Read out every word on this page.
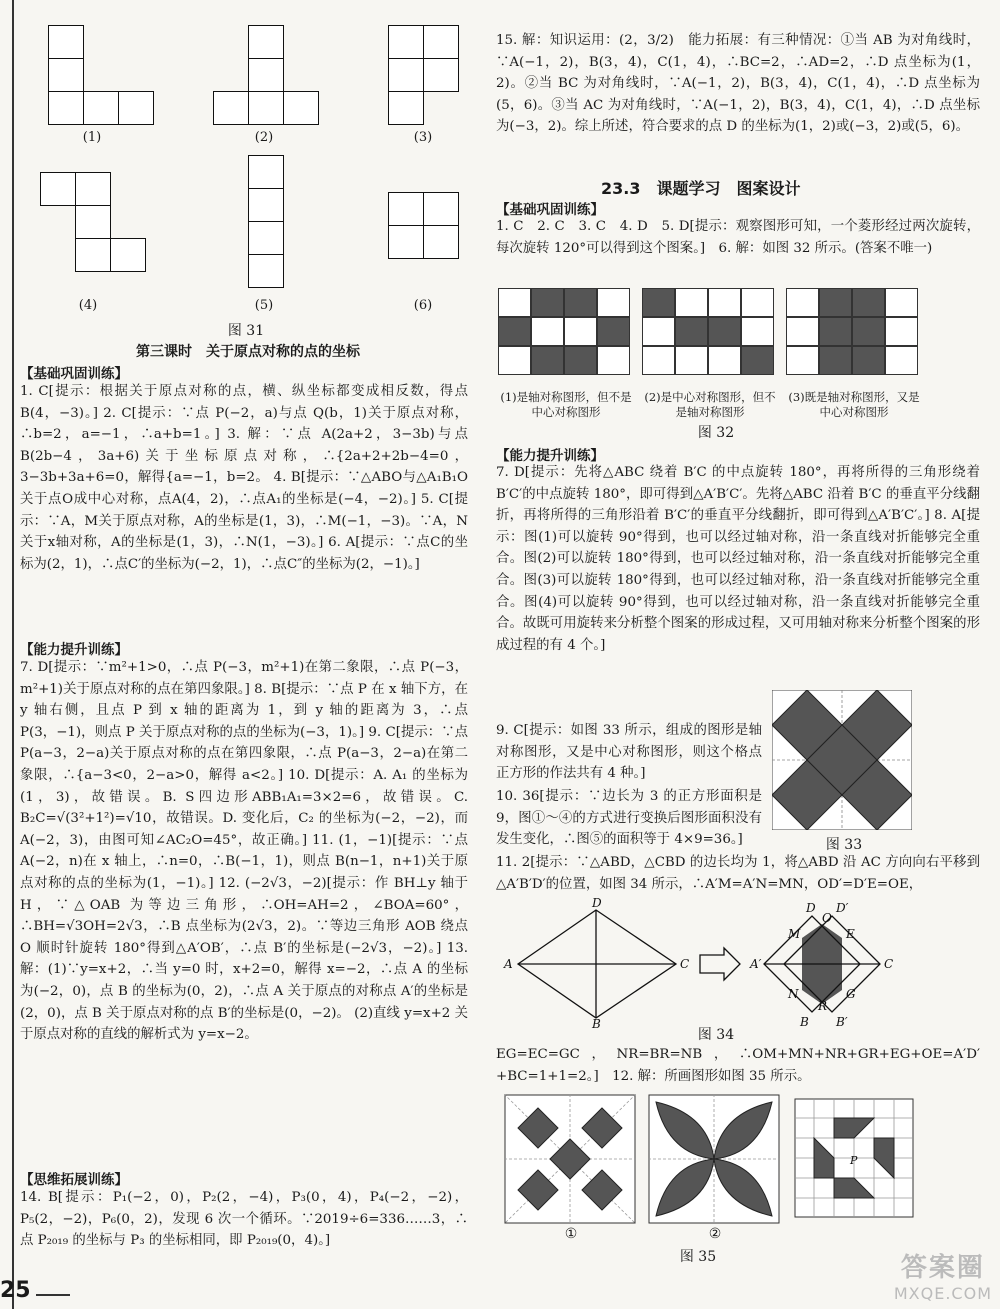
(1)	(2)	(3)
(4)	(5)	(6)
图 31
第三课时　关于原点对称的点的坐标
【基础巩固训练】

1. C[提示：根据关于原点对称的点，横、纵坐标都变成相反数，得点 B(4，−3)。] 2. C[提示：∵点 P(−2，a)与点 Q(b，1)关于原点对称，∴b=2，a=−1，∴a+b=1。] 3. 解：∵点 A(2a+2，3−3b)与点 B(2b−4，3a+6)关于坐标原点对称，∴{2a+2+2b−4=0，3−3b+3a+6=0，解得{a=−1，b=2。 4. B[提示：∵△ABO与△A₁B₁O关于点O成中心对称，点A(4，2)，∴点A₁的坐标是(−4，−2)。] 5. C[提示：∵A，M关于原点对称，A的坐标是(1，3)，∴M(−1，−3)。∵A，N关于x轴对称，A的坐标是(1，3)，∴N(1，−3)。] 6. A[提示：∵点C的坐标为(2，1)，∴点C′的坐标为(−2，1)，∴点C″的坐标为(2，−1)。]

【能力提升训练】

7. D[提示：∵m²+1>0，∴点 P(−3，m²+1)在第二象限，∴点 P(−3，m²+1)关于原点对称的点在第四象限。] 8. B[提示：∵点 P 在 x 轴下方，在 y 轴右侧，且点 P 到 x 轴的距离为 1，到 y 轴的距离为 3，∴点 P(3，−1)，则点 P 关于原点对称的点的坐标为(−3，1)。] 9. C[提示：∵点 P(a−3，2−a)关于原点对称的点在第四象限，∴点 P(a−3，2−a)在第二象限，∴{a−3<0，2−a>0，解得 a<2。] 10. D[提示：A. A₁ 的坐标为(1，3)，故错误。B. S四边形ABB₁A₁=3×2=6，故错误。C. B₂C=√(3²+1²)=√10，故错误。D. 变化后，C₂ 的坐标为(−2，−2)，而 A(−2，3)，由图可知∠AC₂O=45°，故正确。] 11. (1，−1)[提示：∵点 A(−2，n)在 x 轴上，∴n=0，∴B(−1，1)，则点 B(n−1，n+1)关于原点对称的点的坐标为(1，−1)。] 12. (−2√3，−2)[提示：作 BH⊥y 轴于 H，∵△OAB 为等边三角形，∴OH=AH=2，∠BOA=60°，∴BH=√3OH=2√3，∴B 点坐标为(2√3，2)。∵等边三角形 AOB 绕点 O 顺时针旋转 180°得到△A′OB′，∴点 B′的坐标是(−2√3，−2)。] 13. 解：(1)∵y=x+2，∴当 y=0 时，x+2=0，解得 x=−2，∴点 A 的坐标为(−2，0)，点 B 的坐标为(0，2)，∴点 A 关于原点的对称点 A′的坐标是(2，0)，点 B 关于原点对称的点 B′的坐标是(0，−2)。 (2)直线 y=x+2 关于原点对称的直线的解析式为 y=x−2。

【思维拓展训练】

14. B[提示：P₁(−2，0)，P₂(2，−4)，P₃(0，4)，P₄(−2，−2)，P₅(2，−2)，P₆(0，2)，发现 6 次一个循环。∵2019÷6=336……3，∴点 P₂₀₁₉ 的坐标与 P₃ 的坐标相同，即 P₂₀₁₉(0，4)。]

15. 解：知识运用：(2，3/2)　能力拓展：有三种情况：①当 AB 为对角线时，∵A(−1，2)，B(3，4)，C(1，4)，∴BC=2，∴AD=2，∴D 点坐标为(1，2)。②当 BC 为对角线时，∵A(−1，2)，B(3，4)，C(1，4)，∴D 点坐标为(5，6)。③当 AC 为对角线时，∵A(−1，2)，B(3，4)，C(1，4)，∴D 点坐标为(−3，2)。综上所述，符合要求的点 D 的坐标为(1，2)或(−3，2)或(5，6)。

23.3　课题学习　图案设计
【基础巩固训练】

1. C　2. C　3. C　4. D　5. D[提示：观察图形可知，一个菱形经过两次旋转，每次旋转 120°可以得到这个图案。]　6. 解：如图 32 所示。(答案不唯一)

(1)是轴对称图形，但不是中心对称图形
(2)是中心对称图形，但不是轴对称图形
(3)既是轴对称图形，又是中心对称图形
图 32
【能力提升训练】

7. D[提示：先将△ABC 绕着 B′C 的中点旋转 180°，再将所得的三角形绕着 B′C′的中点旋转 180°，即可得到△A′B′C′。先将△ABC 沿着 B′C 的垂直平分线翻折，再将所得的三角形沿着 B′C′的垂直平分线翻折，即可得到△A′B′C′。] 8. A[提示：图(1)可以旋转 90°得到，也可以经过轴对称，沿一条直线对折能够完全重合。图(2)可以旋转 180°得到，也可以经过轴对称，沿一条直线对折能够完全重合。图(3)可以旋转 180°得到，也可以经过轴对称，沿一条直线对折能够完全重合。图(4)可以旋转 90°得到，也可以经过轴对称，沿一条直线对折能够完全重合。故既可用旋转来分析整个图案的形成过程，又可用轴对称来分析整个图案的形成过程的有 4 个。]

9. C[提示：如图 33 所示，组成的图形是轴对称图形，又是中心对称图形，则这个格点正方形的作法共有 4 种。]

10. 36[提示：∵边长为 3 的正方形面积是 9，图①～④的方式进行变换后图形面积没有发生变化，∴图⑤的面积等于 4×9=36。]	图 33

11. 2[提示：∵△ABD，△CBD 的边长均为 1，将△ABD 沿 AC 方向向右平移到△A′B′D′的位置，如图 34 所示，∴A′M=A′N=MN，OD′=D′E=OE，

A
D
C
B
A′
D
O
D′
M	E
C
N	G
R
B B′
图 34

EG=EC=GC，NR=BR=NB，∴OM+MN+NR+GR+EG+OE=A′D′+BC=1+1=2。]　12. 解：所画图形如图 35 所示。

P
①	②
图 35
25
答案圈
MXQE.COM
